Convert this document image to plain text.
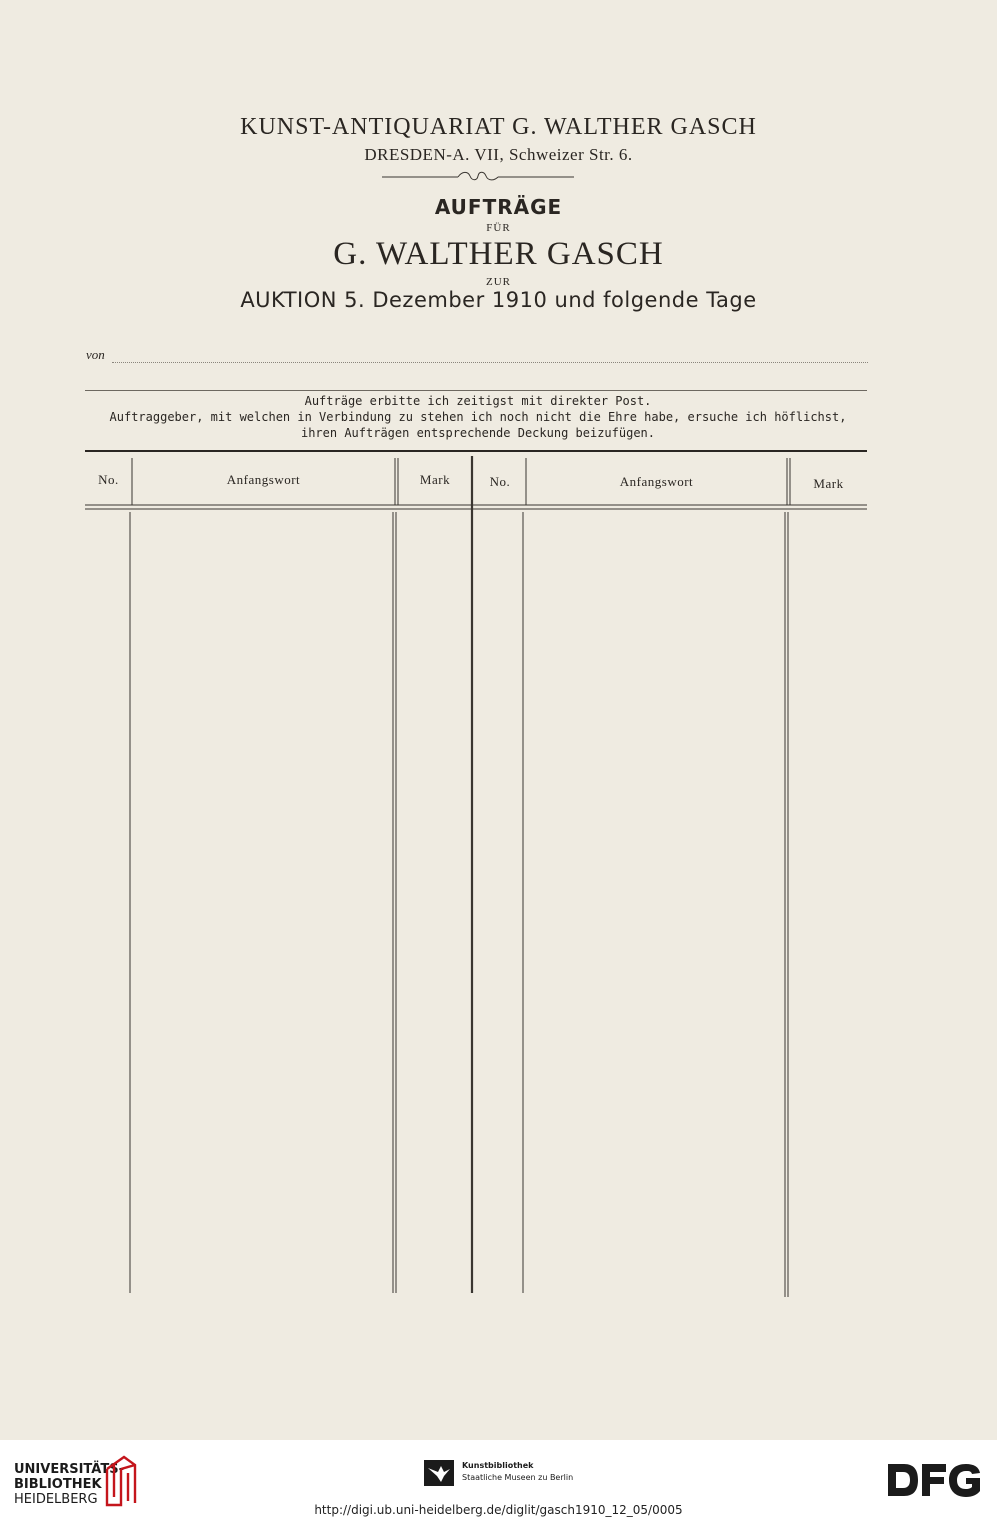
KUNST-ANTIQUARIAT G. WALTHER GASCH
DRESDEN-A. VII, Schweizer Str. 6.
AUFTRÄGE
FÜR
G. WALTHER GASCH
ZUR
AUKTION 5. Dezember 1910 und folgende Tage
von
Aufträge erbitte ich zeitigst mit direkter Post.
Auftraggeber, mit welchen in Verbindung zu stehen ich noch nicht die Ehre habe, ersuche ich höflichst,
ihren Aufträgen entsprechende Deckung beizufügen.
No.	Anfangswort	Mark	No.	Anfangswort	Mark
UNIVERSITÄTS-
BIBLIOTHEK
HEIDELBERG
Kunstbibliothek
Staatliche Museen zu Berlin
http://digi.ub.uni-heidelberg.de/diglit/gasch1910_12_05/0005
